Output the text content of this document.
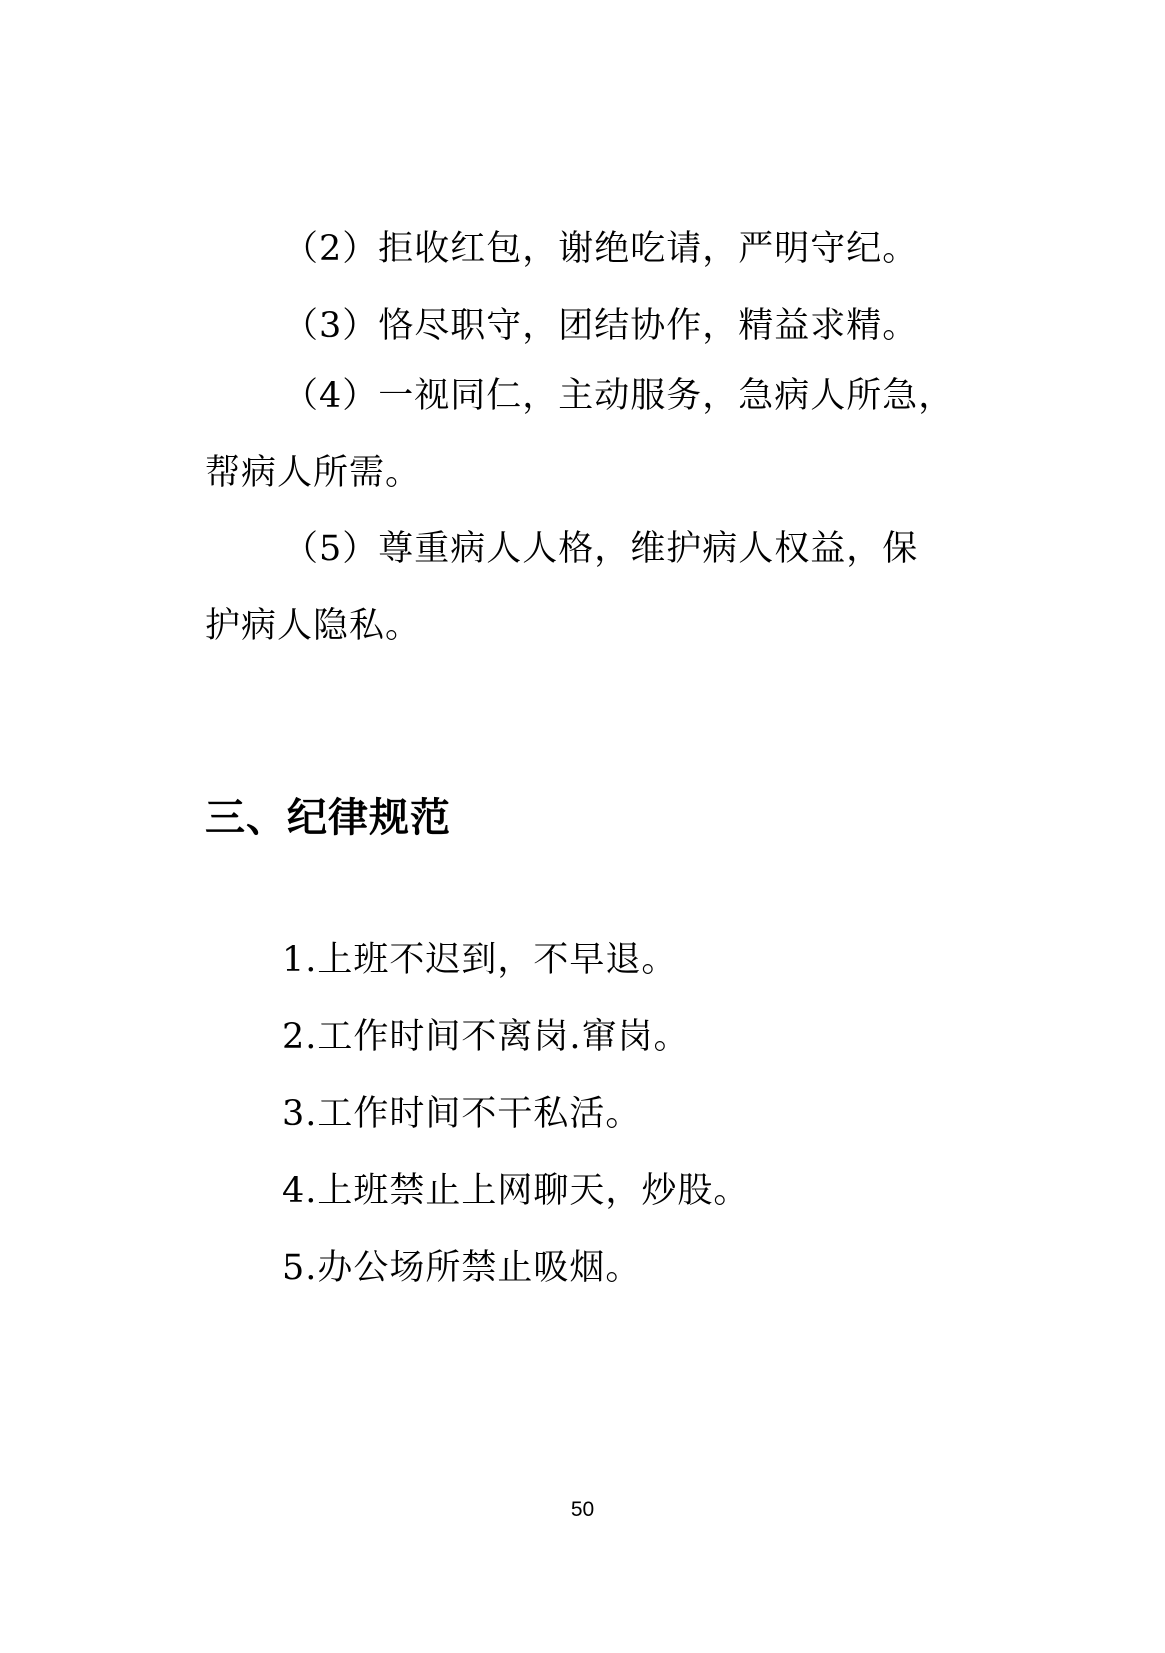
（2）拒收红包，谢绝吃请，严明守纪。

（3）恪尽职守，团结协作，精益求精。

（4）一视同仁，主动服务，急病人所急，
帮病人所需。

（5）尊重病人人格，维护病人权益，保
护病人隐私。

三、纪律规范
1.上班不迟到，不早退。
2.工作时间不离岗.窜岗。
3.工作时间不干私活。
4.上班禁止上网聊天，炒股。
5.办公场所禁止吸烟。
50
